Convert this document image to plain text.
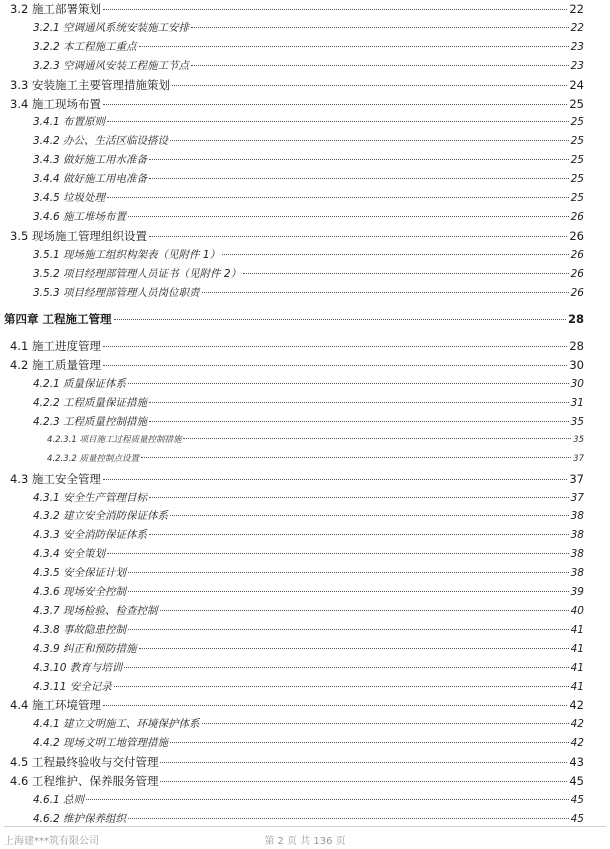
3.2 施工部署策划	22
3.2.1 空调通风系统安装施工安排	22
3.2.2 本工程施工重点	23
3.2.3 空调通风安装工程施工节点	23
3.3 安装施工主要管理措施策划	24
3.4 施工现场布置	25
3.4.1 布置原则	25
3.4.2 办公、生活区临设搭设	25
3.4.3 做好施工用水准备	25
3.4.4 做好施工用电准备	25
3.4.5 垃圾处理	25
3.4.6 施工堆场布置	26
3.5 现场施工管理组织设置	26
3.5.1 现场施工组织构架表（见附件 1）	26
3.5.2 项目经理部管理人员证书（见附件 2）	26
3.5.3 项目经理部管理人员岗位职责	26
第四章 工程施工管理	28
4.1 施工进度管理	28
4.2 施工质量管理	30
4.2.1 质量保证体系	30
4.2.2 工程质量保证措施	31
4.2.3 工程质量控制措施	35
4.2.3.1 项目施工过程质量控制措施	35
4.2.3.2 质量控制点设置	37
4.3 施工安全管理	37
4.3.1 安全生产管理目标	37
4.3.2 建立安全消防保证体系	38
4.3.3 安全消防保证体系	38
4.3.4 安全策划	38
4.3.5 安全保证计划	38
4.3.6 现场安全控制	39
4.3.7 现场检验、检查控制	40
4.3.8 事故隐患控制	41
4.3.9 纠正和预防措施	41
4.3.10 教育与培训	41
4.3.11 安全记录	41
4.4 施工环境管理	42
4.4.1 建立文明施工、环境保护体系	42
4.4.2 现场文明工地管理措施	42
4.5 工程最终验收与交付管理	43
4.6 工程维护、保养服务管理	45
4.6.1 总则	45
4.6.2 维护保养组织	45
上海建***筑有限公司	第 2 页 共 136 页
